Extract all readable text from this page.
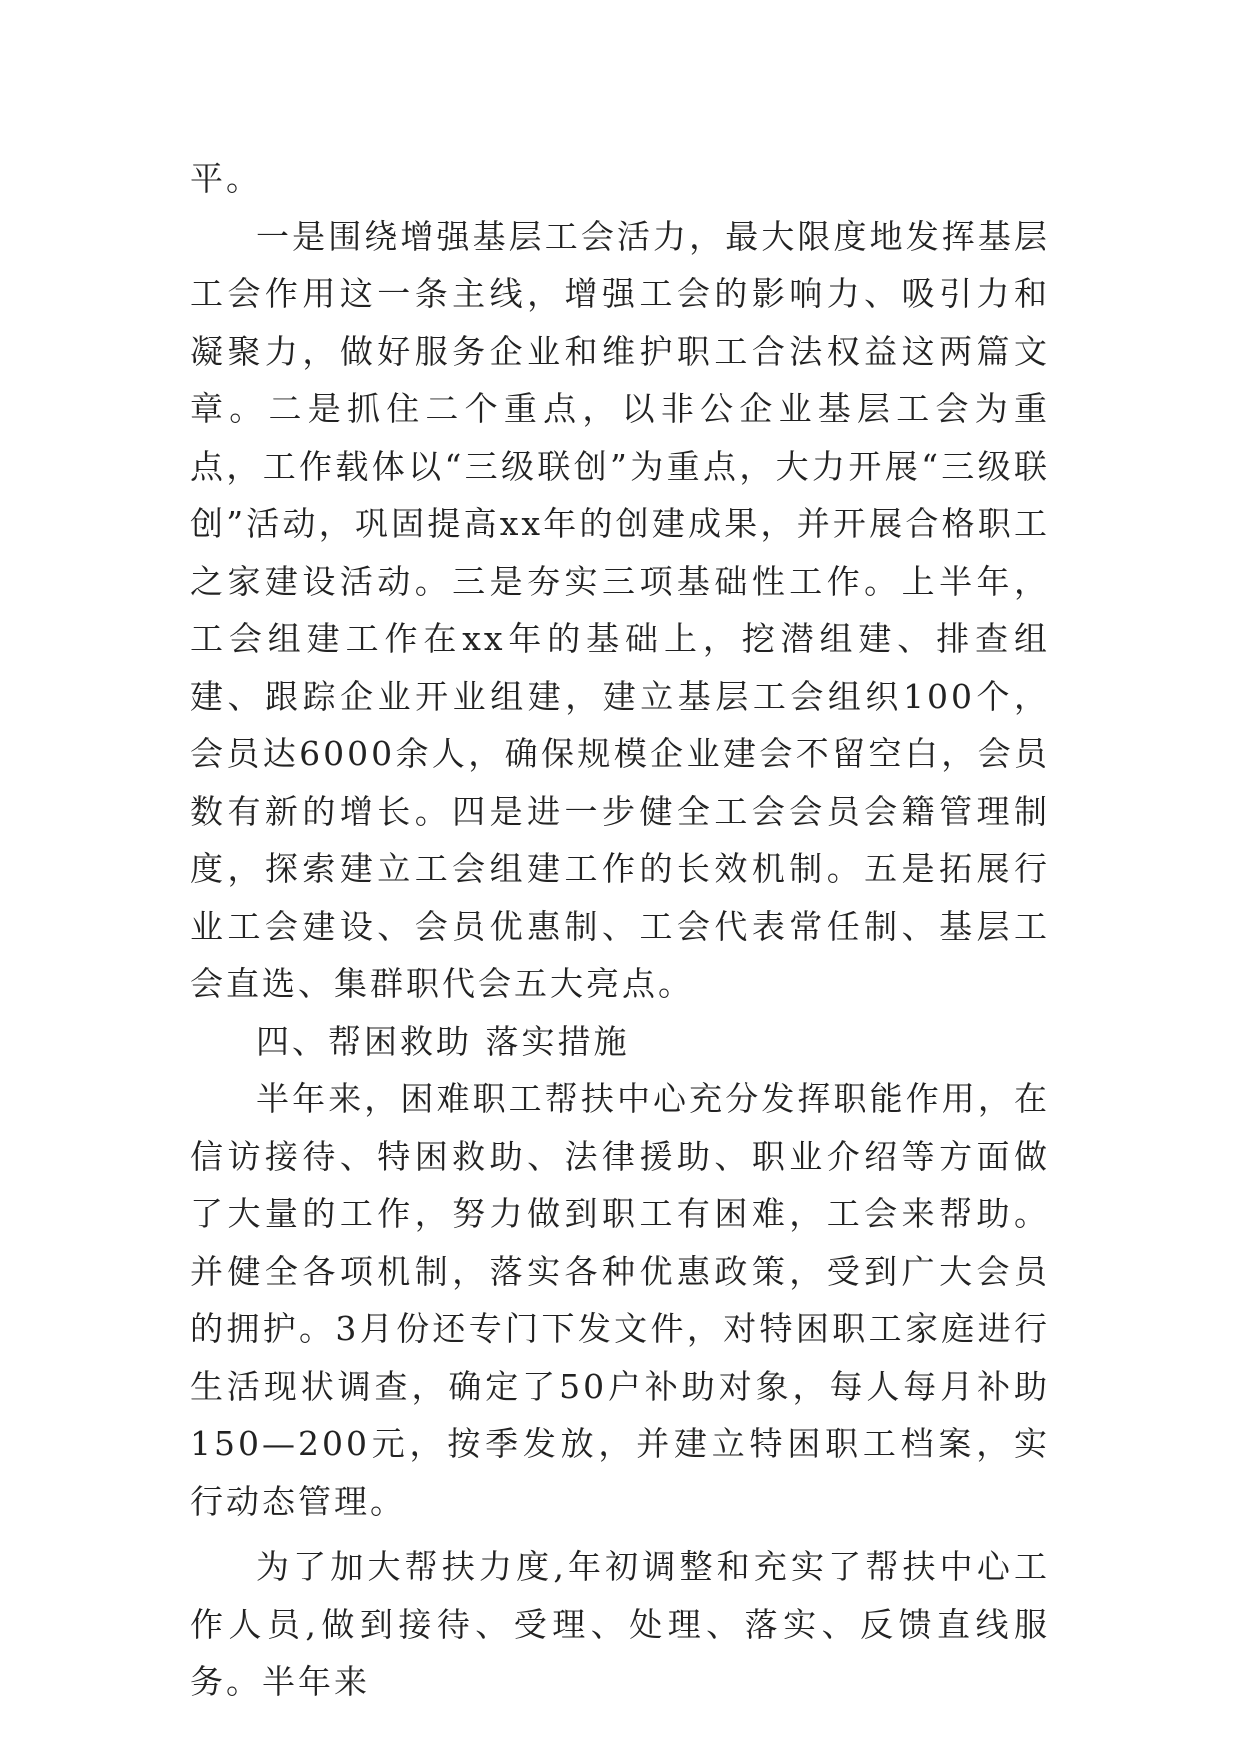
平。

一是围绕增强基层工会活力，最大限度地发挥基层工会作用这一条主线，增强工会的影响力、吸引力和凝聚力，做好服务企业和维护职工合法权益这两篇文章。二是抓住二个重点，以非公企业基层工会为重点，工作载体以“三级联创”为重点，大力开展“三级联创”活动，巩固提高xx年的创建成果，并开展合格职工之家建设活动。三是夯实三项基础性工作。上半年，工会组建工作在xx年的基础上，挖潜组建、排查组建、跟踪企业开业组建，建立基层工会组织100个，会员达6000余人，确保规模企业建会不留空白，会员数有新的增长。四是进一步健全工会会员会籍管理制度，探索建立工会组建工作的长效机制。五是拓展行业工会建设、会员优惠制、工会代表常任制、基层工会直选、集群职代会五大亮点。

四、帮困救助 落实措施

半年来，困难职工帮扶中心充分发挥职能作用，在信访接待、特困救助、法律援助、职业介绍等方面做了大量的工作，努力做到职工有困难，工会来帮助。并健全各项机制，落实各种优惠政策，受到广大会员的拥护。3月份还专门下发文件，对特困职工家庭进行生活现状调查，确定了50户补助对象，每人每月补助150—200元，按季发放，并建立特困职工档案，实行动态管理。

为了加大帮扶力度,年初调整和充实了帮扶中心工作人员,做到接待、受理、处理、落实、反馈直线服务。半年来
